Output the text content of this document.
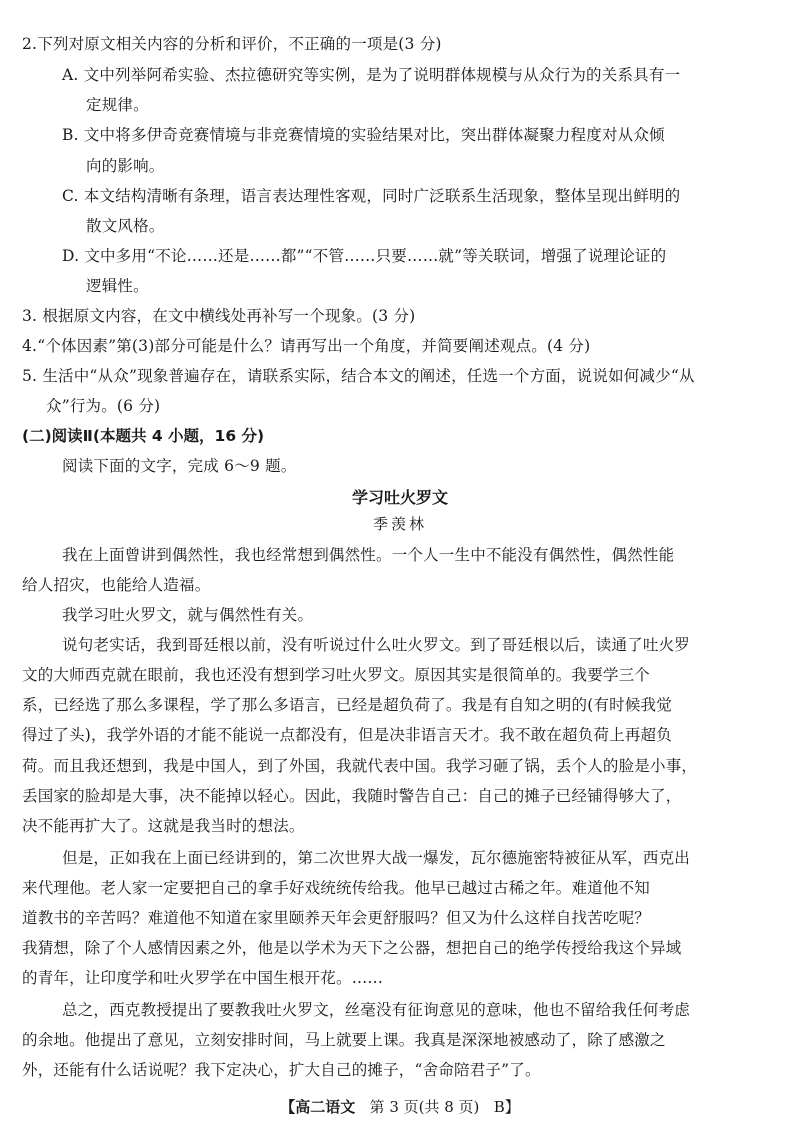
2.下列对原文相关内容的分析和评价，不正确的一项是(3 分)
A. 文中列举阿希实验、杰拉德研究等实例，是为了说明群体规模与从众行为的关系具有一
定规律。
B. 文中将多伊奇竞赛情境与非竞赛情境的实验结果对比，突出群体凝聚力程度对从众倾
向的影响。
C. 本文结构清晰有条理，语言表达理性客观，同时广泛联系生活现象，整体呈现出鲜明的
散文风格。
D. 文中多用“不论……还是……都”“不管……只要……就”等关联词，增强了说理论证的
逻辑性。
3. 根据原文内容，在文中横线处再补写一个现象。(3 分)
4.“个体因素”第(3)部分可能是什么？请再写出一个角度，并简要阐述观点。(4 分)
5. 生活中“从众”现象普遍存在，请联系实际，结合本文的阐述，任选一个方面，说说如何减少“从
众”行为。(6 分)
(二)阅读Ⅱ(本题共 4 小题，16 分)
阅读下面的文字，完成 6～9 题。
学习吐火罗文
季羡林
我在上面曾讲到偶然性，我也经常想到偶然性。一个人一生中不能没有偶然性，偶然性能
给人招灾，也能给人造福。
我学习吐火罗文，就与偶然性有关。
说句老实话，我到哥廷根以前，没有听说过什么吐火罗文。到了哥廷根以后，读通了吐火罗
文的大师西克就在眼前，我也还没有想到学习吐火罗文。原因其实是很简单的。我要学三个
系，已经选了那么多课程，学了那么多语言，已经是超负荷了。我是有自知之明的(有时候我觉
得过了头)，我学外语的才能不能说一点都没有，但是决非语言天才。我不敢在超负荷上再超负
荷。而且我还想到，我是中国人，到了外国，我就代表中国。我学习砸了锅，丢个人的脸是小事，
丢国家的脸却是大事，决不能掉以轻心。因此，我随时警告自己：自己的摊子已经铺得够大了，
决不能再扩大了。这就是我当时的想法。
但是，正如我在上面已经讲到的，第二次世界大战一爆发，瓦尔德施密特被征从军，西克出
来代理他。老人家一定要把自己的拿手好戏统统传给我。他早已越过古稀之年。难道他不知
道教书的辛苦吗？难道他不知道在家里颐养天年会更舒服吗？但又为什么这样自找苦吃呢？
我猜想，除了个人感情因素之外，他是以学术为天下之公器，想把自己的绝学传授给我这个异域
的青年，让印度学和吐火罗学在中国生根开花。……
总之，西克教授提出了要教我吐火罗文，丝毫没有征询意见的意味，他也不留给我任何考虑
的余地。他提出了意见，立刻安排时间，马上就要上课。我真是深深地被感动了，除了感激之
外，还能有什么话说呢？我下定决心，扩大自己的摊子，“舍命陪君子”了。
【高二语文 第 3 页(共 8 页) B】
